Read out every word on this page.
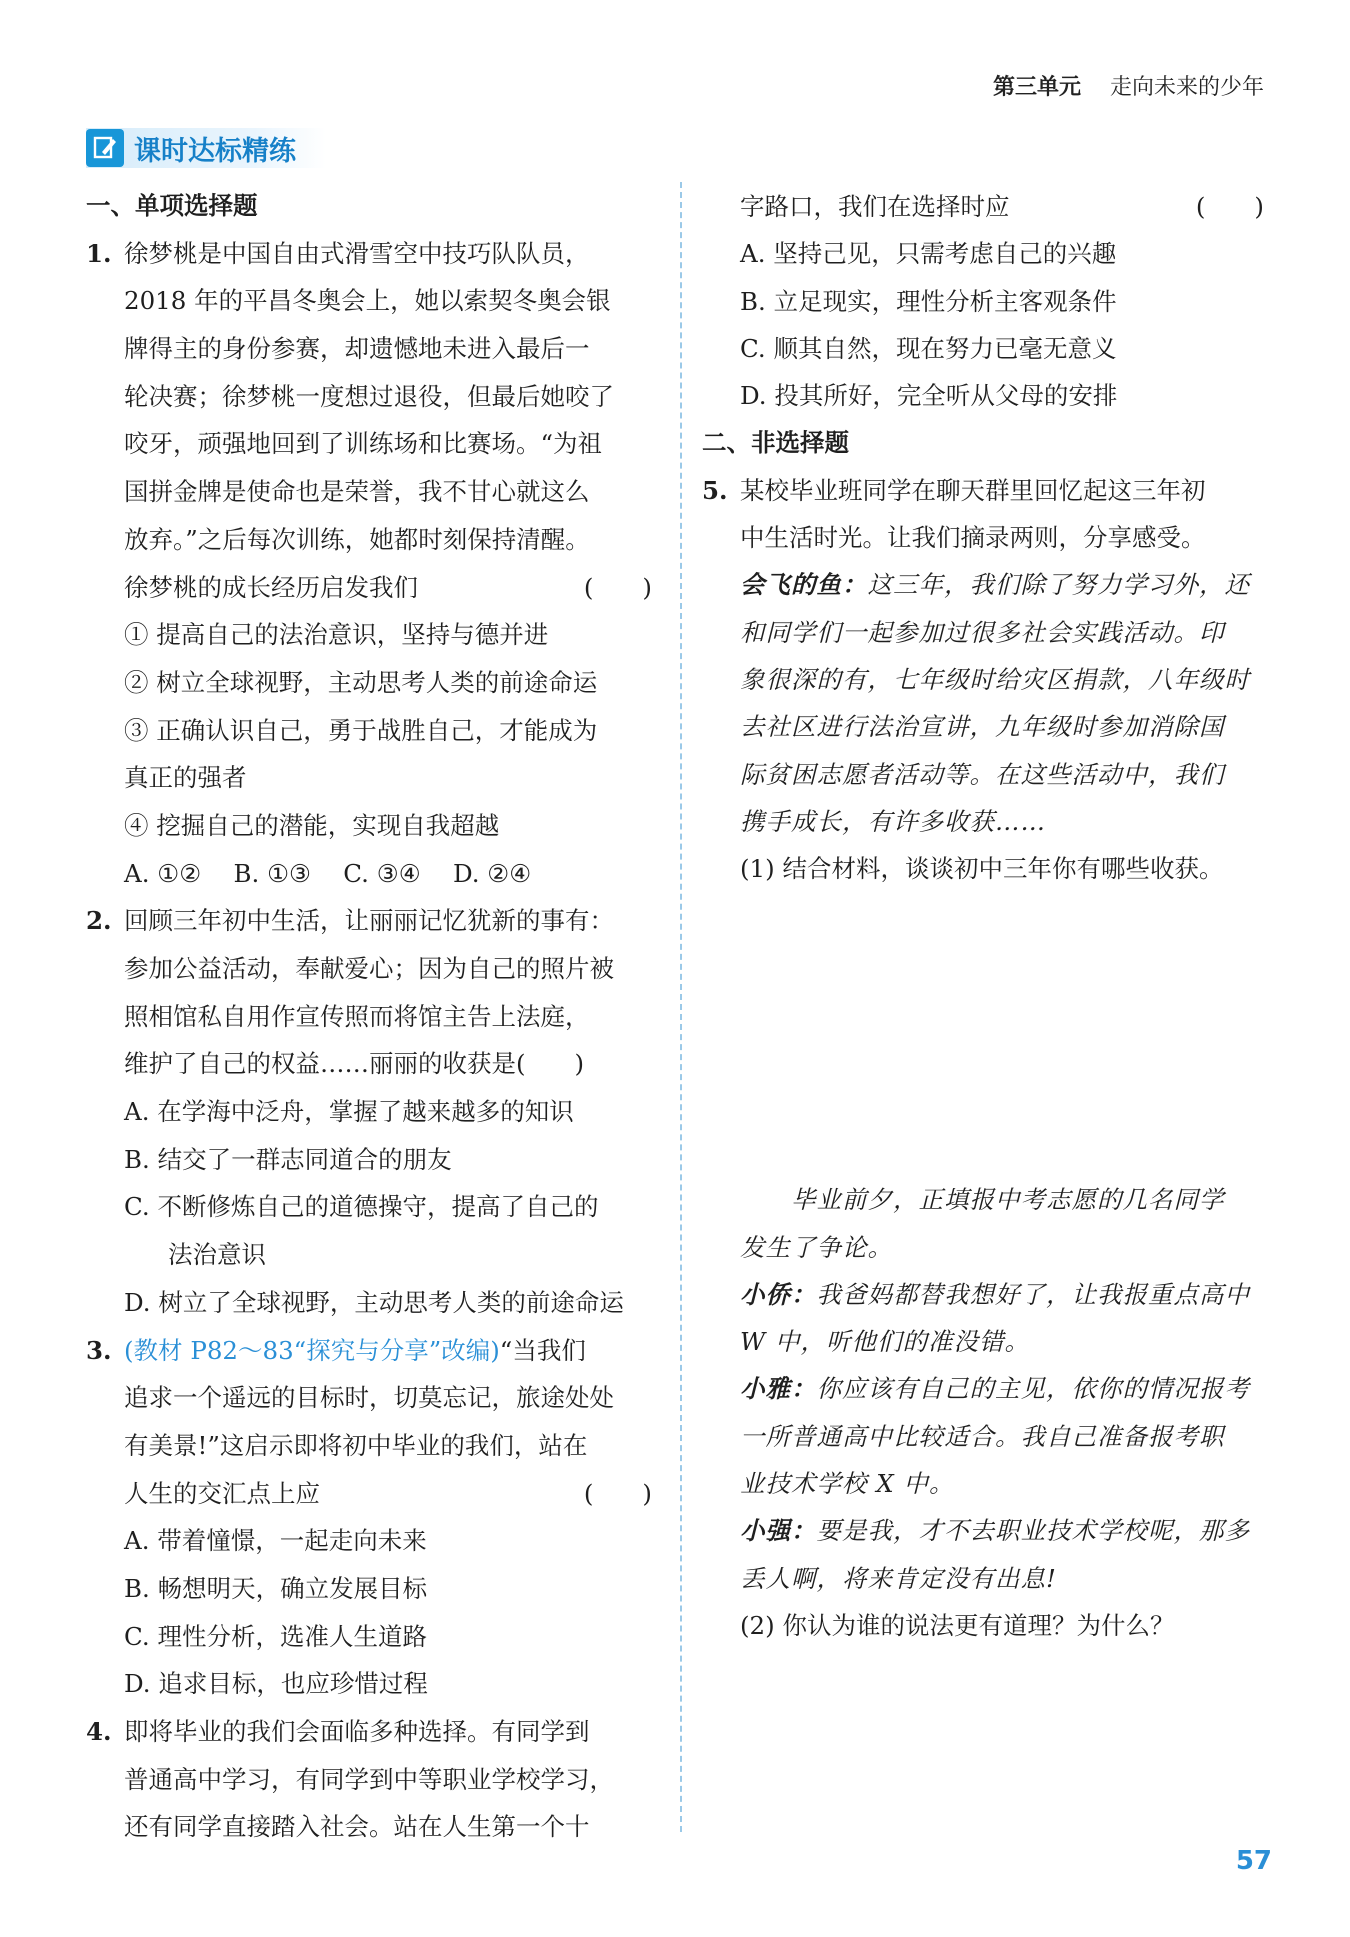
第三单元 走向未来的少年
课时达标精练
一、单项选择题
1. 徐梦桃是中国自由式滑雪空中技巧队队员，
2018 年的平昌冬奥会上，她以索契冬奥会银
牌得主的身份参赛，却遗憾地未进入最后一
轮决赛；徐梦桃一度想过退役，但最后她咬了
咬牙，顽强地回到了训练场和比赛场。“为祖
国拼金牌是使命也是荣誉，我不甘心就这么
放弃。”之后每次训练，她都时刻保持清醒。
徐梦桃的成长经历启发我们	(　　)
① 提高自己的法治意识，坚持与德并进
② 树立全球视野，主动思考人类的前途命运
③ 正确认识自己，勇于战胜自己，才能成为
真正的强者
④ 挖掘自己的潜能，实现自我超越
A. ①②　 B. ①③　 C. ③④　 D. ②④
2. 回顾三年初中生活，让丽丽记忆犹新的事有：
参加公益活动，奉献爱心；因为自己的照片被
照相馆私自用作宣传照而将馆主告上法庭，
维护了自己的权益……丽丽的收获是(　　)
A. 在学海中泛舟，掌握了越来越多的知识
B. 结交了一群志同道合的朋友
C. 不断修炼自己的道德操守，提高了自己的
法治意识
D. 树立了全球视野，主动思考人类的前途命运
3. (教材 P82～83“探究与分享”改编)“当我们
追求一个遥远的目标时，切莫忘记，旅途处处
有美景!”这启示即将初中毕业的我们，站在
人生的交汇点上应	(　　)
A. 带着憧憬，一起走向未来
B. 畅想明天，确立发展目标
C. 理性分析，选准人生道路
D. 追求目标，也应珍惜过程
4. 即将毕业的我们会面临多种选择。有同学到
普通高中学习，有同学到中等职业学校学习，
还有同学直接踏入社会。站在人生第一个十
字路口，我们在选择时应	(　　)
A. 坚持己见，只需考虑自己的兴趣
B. 立足现实，理性分析主客观条件
C. 顺其自然，现在努力已毫无意义
D. 投其所好，完全听从父母的安排
二、非选择题
5. 某校毕业班同学在聊天群里回忆起这三年初
中生活时光。让我们摘录两则，分享感受。
会飞的鱼：这三年，我们除了努力学习外，还
和同学们一起参加过很多社会实践活动。印
象很深的有，七年级时给灾区捐款，八年级时
去社区进行法治宣讲，九年级时参加消除国
际贫困志愿者活动等。在这些活动中，我们
携手成长，有许多收获……
(1) 结合材料，谈谈初中三年你有哪些收获。
　　毕业前夕，正填报中考志愿的几名同学
发生了争论。
小侨：我爸妈都替我想好了，让我报重点高中
W 中，听他们的准没错。
小雅：你应该有自己的主见，依你的情况报考
一所普通高中比较适合。我自己准备报考职
业技术学校 X 中。
小强：要是我，才不去职业技术学校呢，那多
丢人啊，将来肯定没有出息!
(2) 你认为谁的说法更有道理？为什么？
57
